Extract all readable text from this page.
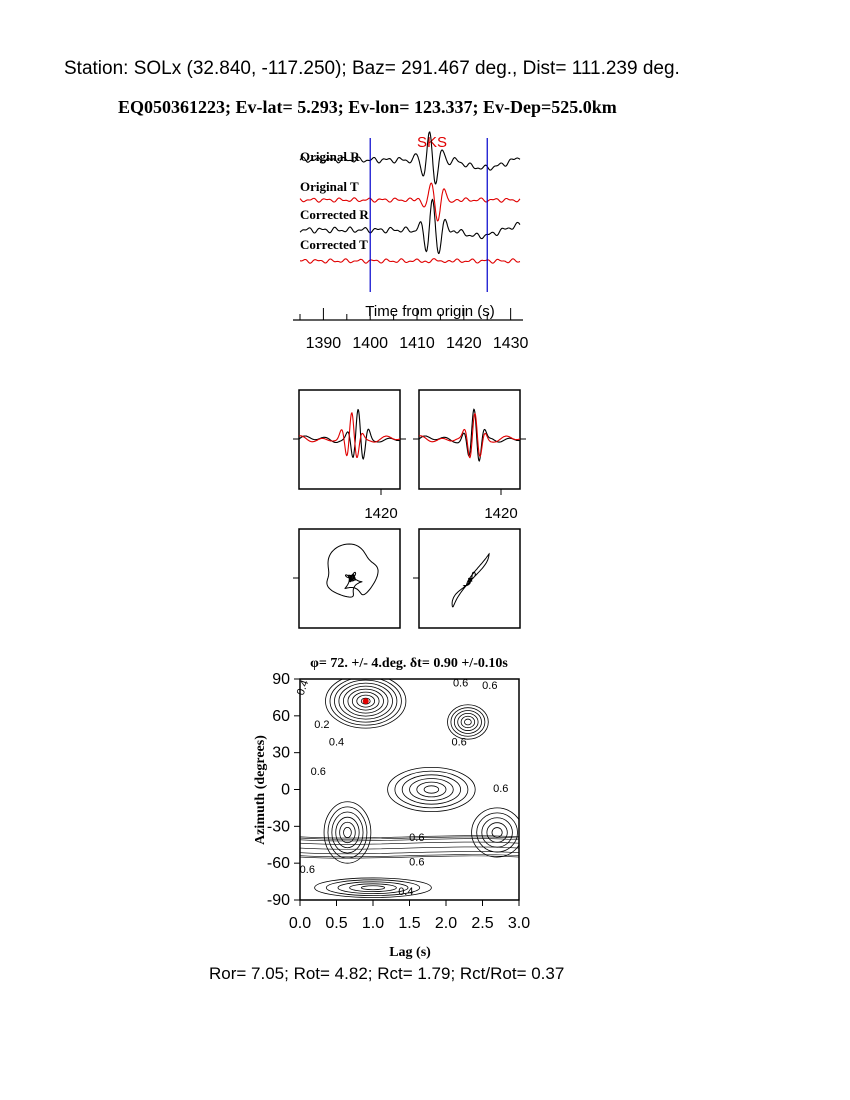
Station: SOLx (32.840, -117.250); Baz= 291.467 deg., Dist= 111.239 deg.
EQ050361223; Ev-lat= 5.293; Ev-lon= 123.337; Ev-Dep=525.0km
SKS
Original R
Original T
Corrected R
Corrected T
1390 1400 1410 1420 1430
Time from origin (s)
1420	1420
0.0 0.5 1.0 1.5 2.0 2.5 3.0
90
60
30
0
-30
-60
-90
0.4
0.2
0.4
0.6
0.6 0.6
0.6
0.6
0.6
0.6
0.6
0.4
φ= 72. +/- 4.deg. δt= 0.90 +/-0.10s
Lag (s)
Azimuth (degrees)
Ror= 7.05; Rot= 4.82; Rct= 1.79; Rct/Rot= 0.37
